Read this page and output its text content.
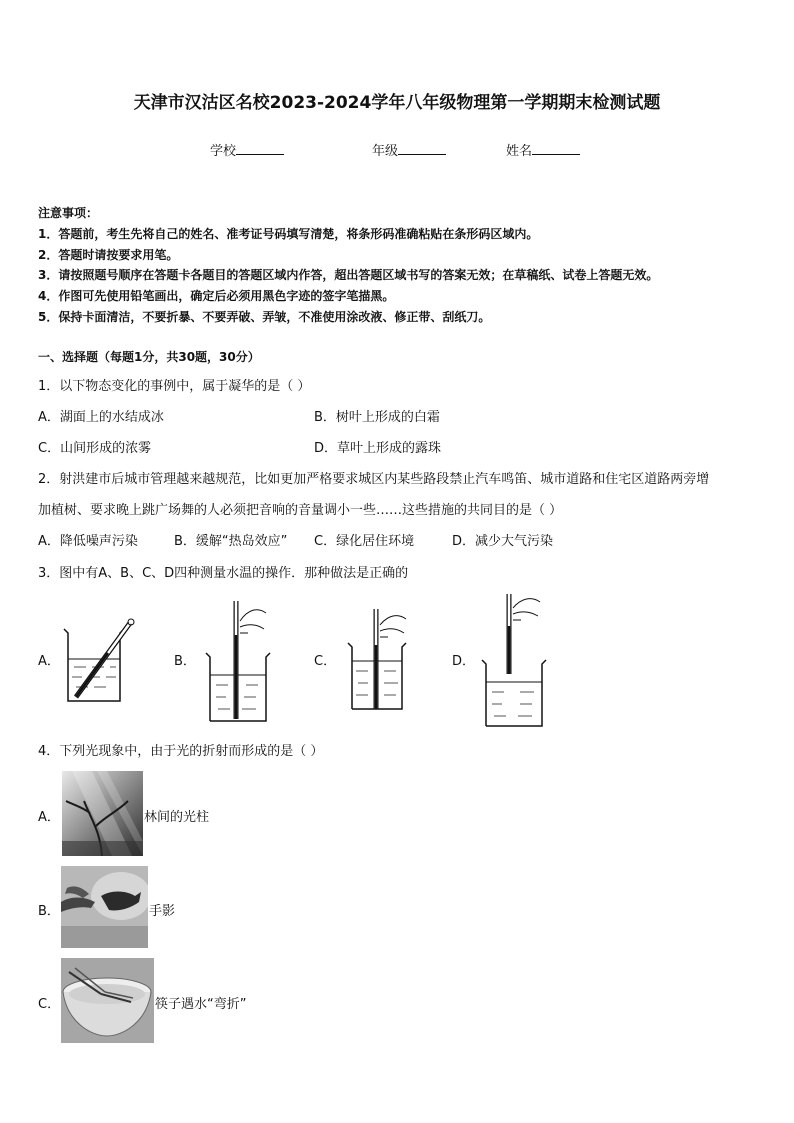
天津市汉沽区名校2023-2024学年八年级物理第一学期期末检测试题
学校	年级	姓名
注意事项：
1．答题前，考生先将自己的姓名、准考证号码填写清楚，将条形码准确粘贴在条形码区域内。
2．答题时请按要求用笔。
3．请按照题号顺序在答题卡各题目的答题区域内作答，超出答题区域书写的答案无效；在草稿纸、试卷上答题无效。
4．作图可先使用铅笔画出，确定后必须用黑色字迹的签字笔描黑。
5．保持卡面清洁，不要折暴、不要弄破、弄皱，不准使用涂改液、修正带、刮纸刀。
一、选择题（每题1分，共30题，30分）
1．以下物态变化的事例中，属于凝华的是（ ）
A．湖面上的水结成冰	B．树叶上形成的白霜
C．山间形成的浓雾	D．草叶上形成的露珠
2．射洪建市后城市管理越来越规范，比如更加严格要求城区内某些路段禁止汽车鸣笛、城市道路和住宅区道路两旁增
加植树、要求晚上跳广场舞的人必须把音响的音量调小一些……这些措施的共同目的是（ ）
A．降低噪声污染	B．缓解“热岛效应” C．绿化居住环境	D．减少大气污染
3．图中有A、B、C、D四种测量水温的操作．那种做法是正确的
A．	B．	C．	D．
4．下列光现象中，由于光的折射而形成的是（ ）
A．	林间的光柱
B．	手影
C．	筷子遇水“弯折”
